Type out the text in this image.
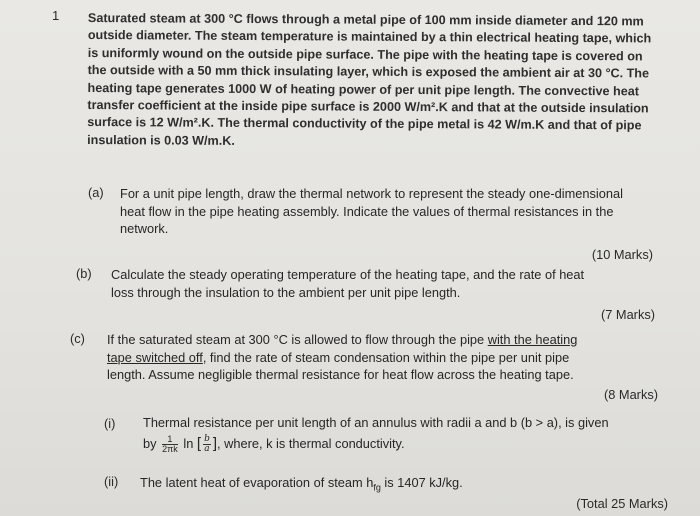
1 Saturated steam at 300 °C flows through a metal pipe of 100 mm inside diameter and 120 mm
outside diameter. The steam temperature is maintained by a thin electrical heating tape, which
is uniformly wound on the outside pipe surface. The pipe with the heating tape is covered on
the outside with a 50 mm thick insulating layer, which is exposed the ambient air at 30 °C. The
heating tape generates 1000 W of heating power of per unit pipe length. The convective heat
transfer coefficient at the inside pipe surface is 2000 W/m².K and that at the outside insulation
surface is 12 W/m².K. The thermal conductivity of the pipe metal is 42 W/m.K and that of pipe
insulation is 0.03 W/m.K.
(a) For a unit pipe length, draw the thermal network to represent the steady one-dimensional
heat flow in the pipe heating assembly. Indicate the values of thermal resistances in the
network.
(10 Marks)
(b) Calculate the steady operating temperature of the heating tape, and the rate of heat
loss through the insulation to the ambient per unit pipe length.
(7 Marks)
(c) If the saturated steam at 300 °C is allowed to flow through the pipe with the heating
tape switched off, find the rate of steam condensation within the pipe per unit pipe
length. Assume negligible thermal resistance for heat flow across the heating tape.
(8 Marks)
(i) Thermal resistance per unit length of an annulus with radii a and b (b > a), is given
by $\frac{1}{2\pi k}$ ln [ $\frac{b}{a}$ ], where, k is thermal conductivity.
(ii) The latent heat of evaporation of steam $h_{fg}$ is 1407 kJ/kg.
(Total 25 Marks)
